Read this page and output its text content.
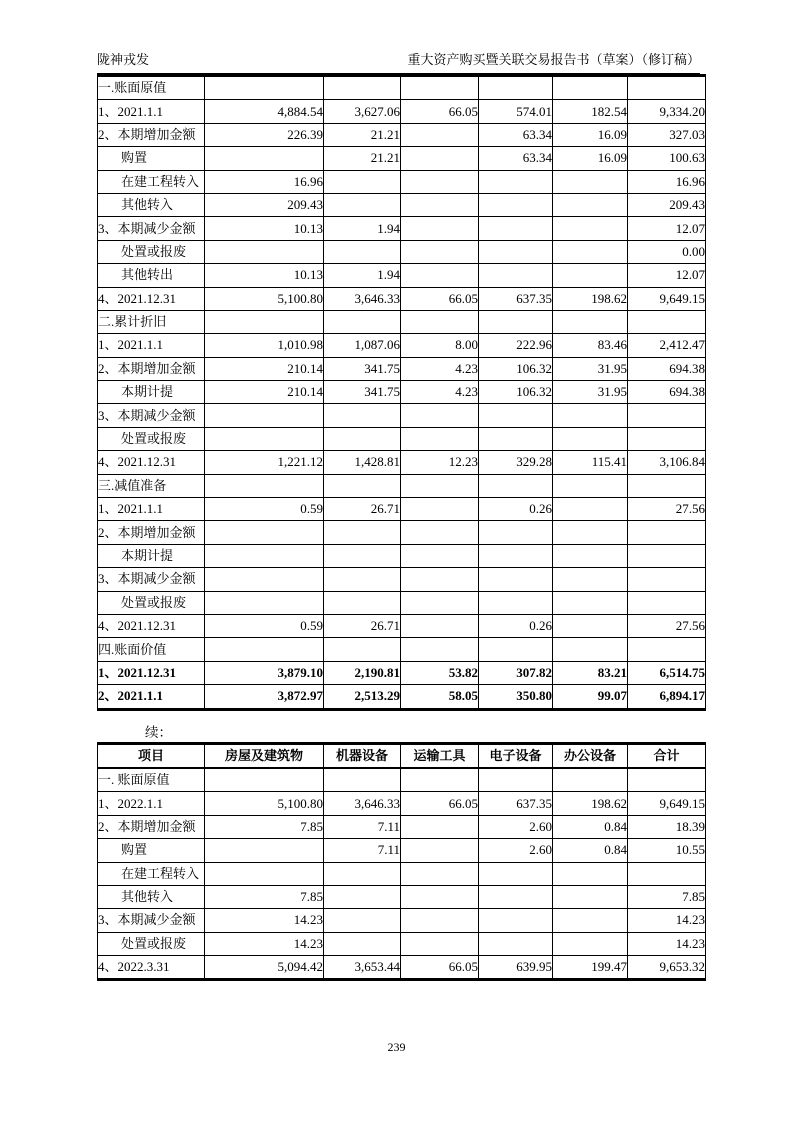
陇神戎发	重大资产购买暨关联交易报告书（草案）（修订稿）
一.账面原值						
1、2021.1.1	4,884.54	3,627.06	66.05	574.01	182.54	9,334.20
2、本期增加金额	226.39	21.21		63.34	16.09	327.03
购置		21.21		63.34	16.09	100.63
在建工程转入	16.96					16.96
其他转入	209.43					209.43
3、本期减少金额	10.13	1.94				12.07
处置或报废						0.00
其他转出	10.13	1.94				12.07
4、2021.12.31	5,100.80	3,646.33	66.05	637.35	198.62	9,649.15
二.累计折旧						
1、2021.1.1	1,010.98	1,087.06	8.00	222.96	83.46	2,412.47
2、本期增加金额	210.14	341.75	4.23	106.32	31.95	694.38
本期计提	210.14	341.75	4.23	106.32	31.95	694.38
3、本期减少金额						
处置或报废						
4、2021.12.31	1,221.12	1,428.81	12.23	329.28	115.41	3,106.84
三.减值准备						
1、2021.1.1	0.59	26.71		0.26		27.56
2、本期增加金额						
本期计提						
3、本期减少金额						
处置或报废						
4、2021.12.31	0.59	26.71		0.26		27.56
四.账面价值						
1、2021.12.31	3,879.10	2,190.81	53.82	307.82	83.21	6,514.75
2、2021.1.1	3,872.97	2,513.29	58.05	350.80	99.07	6,894.17
续：
项目	房屋及建筑物	机器设备	运输工具	电子设备	办公设备	合计
一. 账面原值						
1、2022.1.1	5,100.80	3,646.33	66.05	637.35	198.62	9,649.15
2、本期增加金额	7.85	7.11		2.60	0.84	18.39
购置		7.11		2.60	0.84	10.55
在建工程转入						
其他转入	7.85					7.85
3、本期减少金额	14.23					14.23
处置或报废	14.23					14.23
4、2022.3.31	5,094.42	3,653.44	66.05	639.95	199.47	9,653.32
239
